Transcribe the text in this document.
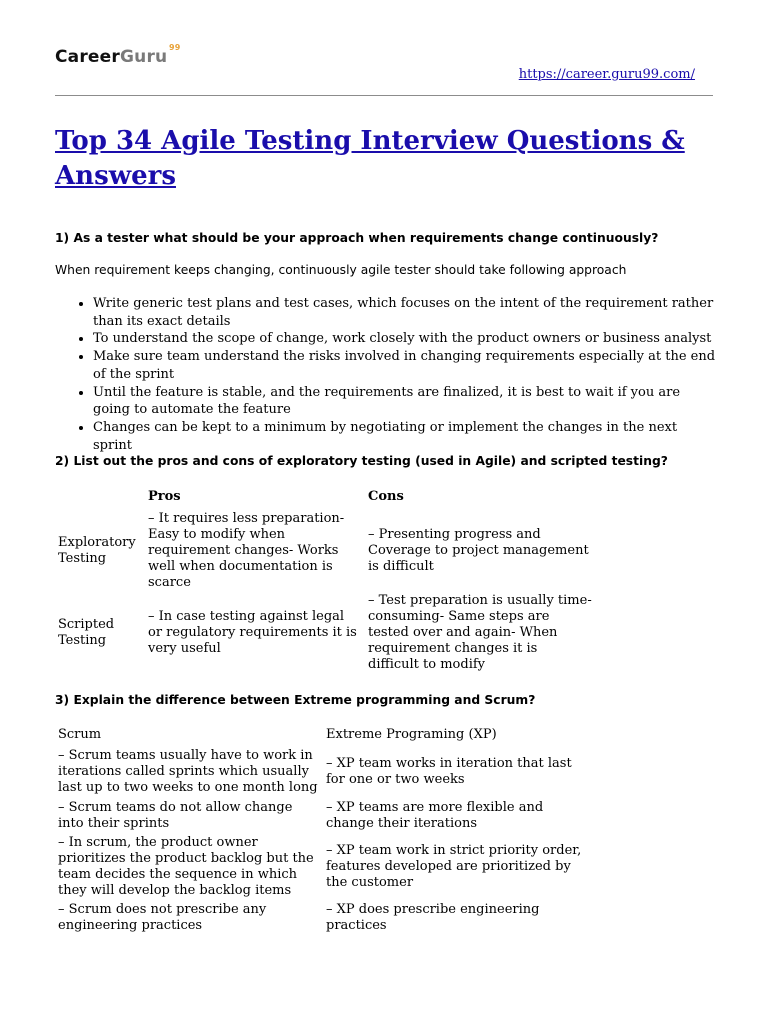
CareerGuru 99
https://career.guru99.com/
Top 34 Agile Testing Interview Questions & Answers

1) As a tester what should be your approach when requirements change continuously?

When requirement keeps changing, continuously agile tester should take following approach

• Write generic test plans and test cases, which focuses on the intent of the requirement rather than its exact details
• To understand the scope of change, work closely with the product owners or business analyst
• Make sure team understand the risks involved in changing requirements especially at the end of the sprint
• Until the feature is stable, and the requirements are finalized, it is best to wait if you are going to automate the feature
• Changes can be kept to a minimum by negotiating or implement the changes in the next sprint

2) List out the pros and cons of exploratory testing (used in Agile) and scripted testing?

	Pros	Cons
Exploratory Testing	– It requires less preparation- Easy to modify when requirement changes- Works well when documentation is scarce	– Presenting progress and Coverage to project management is difficult
Scripted Testing	– In case testing against legal or regulatory requirements it is very useful	– Test preparation is usually time-consuming- Same steps are tested over and again- When requirement changes it is difficult to modify

3) Explain the difference between Extreme programming and Scrum?

Scrum	Extreme Programing (XP)
– Scrum teams usually have to work in iterations called sprints which usually last up to two weeks to one month long	– XP team works in iteration that last for one or two weeks
– Scrum teams do not allow change into their sprints	– XP teams are more flexible and change their iterations
– In scrum, the product owner prioritizes the product backlog but the team decides the sequence in which they will develop the backlog items	– XP team work in strict priority order, features developed are prioritized by the customer
– Scrum does not prescribe any engineering practices	– XP does prescribe engineering practices
